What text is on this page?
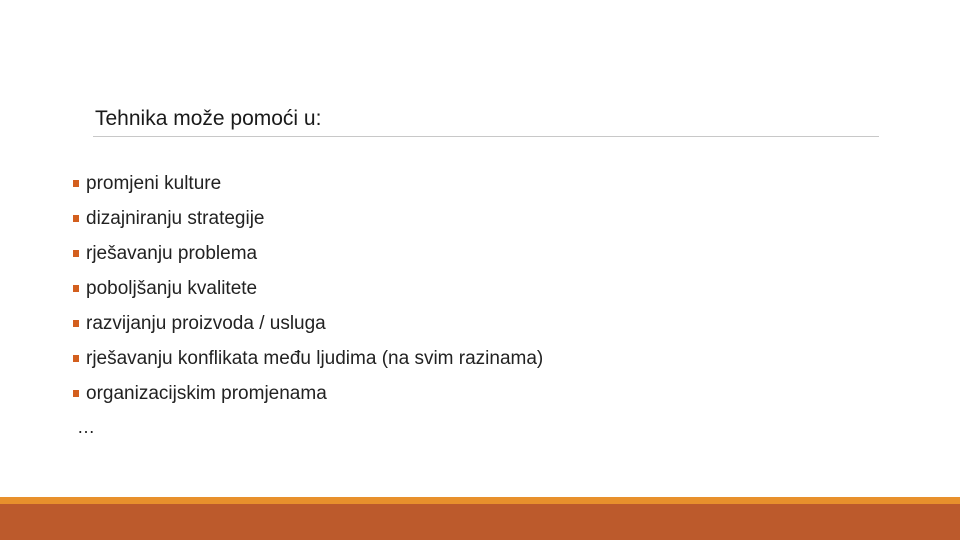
Tehnika može pomoći u:
promjeni kulture
dizajniranju strategije
rješavanju problema
poboljšanju kvalitete
razvijanju proizvoda / usluga
rješavanju konflikata među ljudima (na svim razinama)
organizacijskim promjenama
…
